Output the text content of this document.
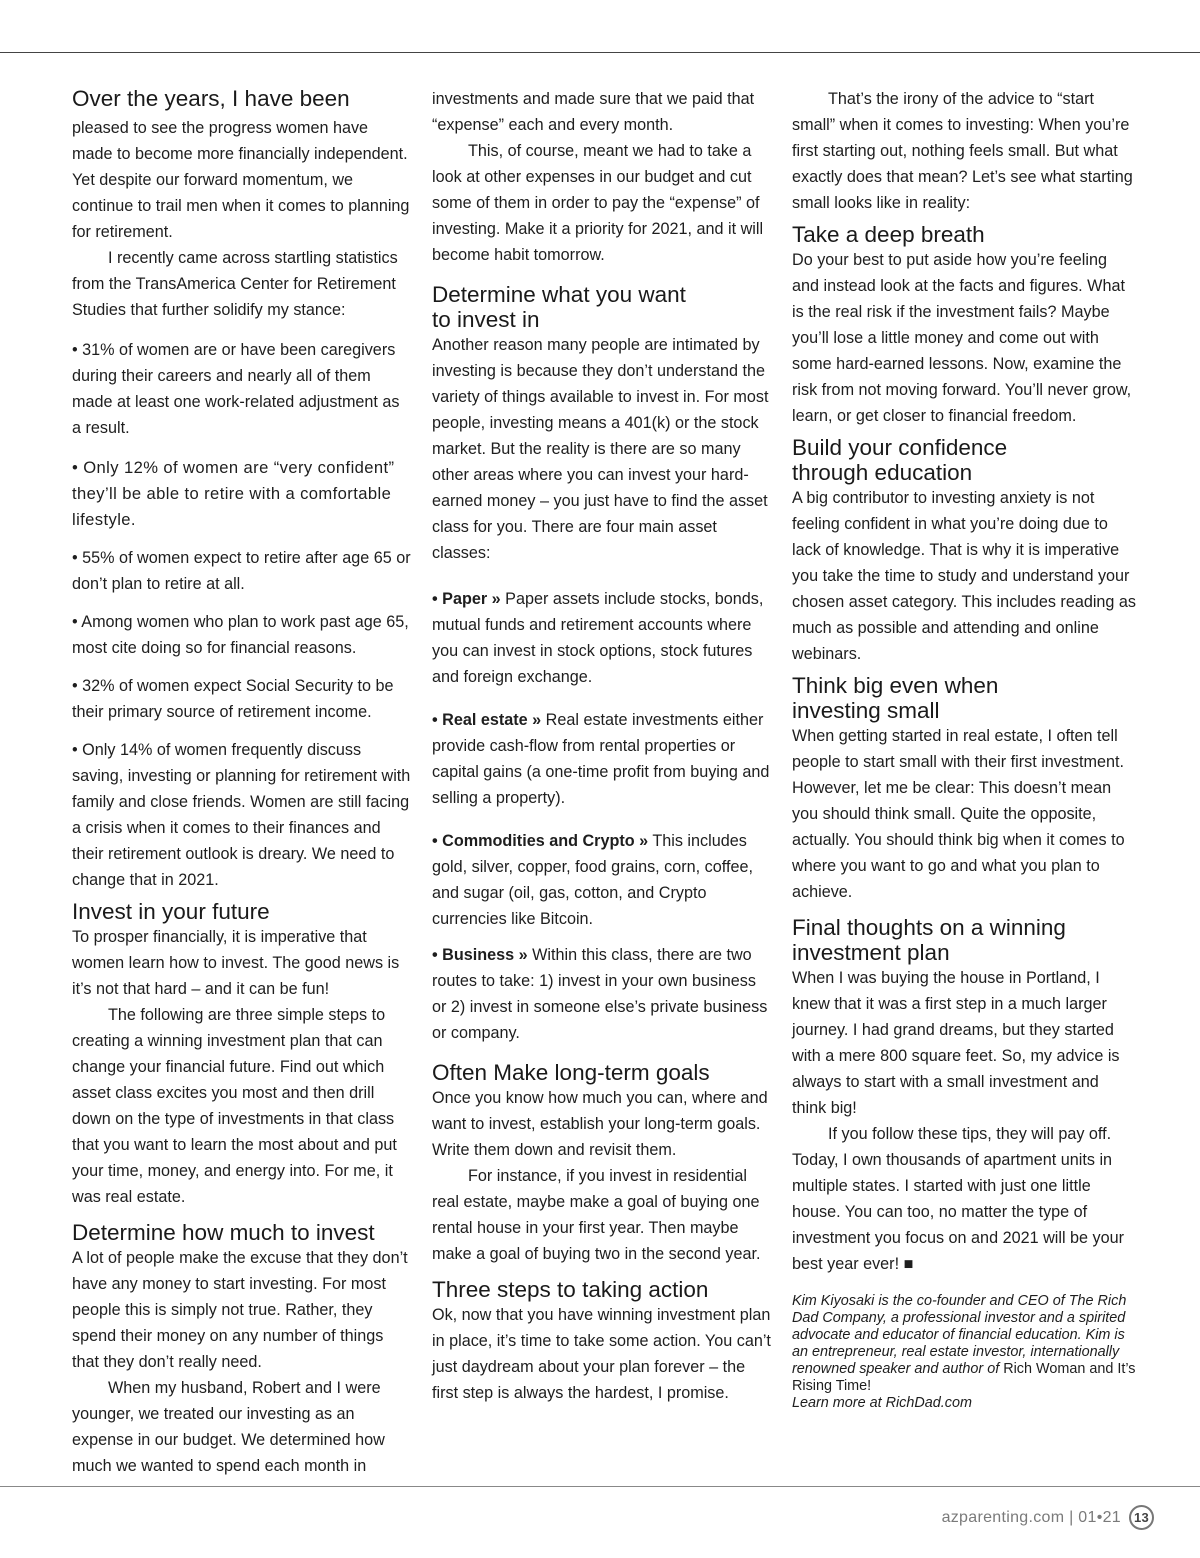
Over the years, I have been

pleased to see the progress women have made to become more financially independent. Yet despite our forward momentum, we continue to trail men when it comes to planning for retirement.

I recently came across startling statistics from the TransAmerica Center for Retirement Studies that further solidify my stance:

• 31% of women are or have been caregivers during their careers and nearly all of them made at least one work-related adjustment as a result.

• Only 12% of women are “very confident” they’ll be able to retire with a comfortable lifestyle.

• 55% of women expect to retire after age 65 or don’t plan to retire at all.

• Among women who plan to work past age 65, most cite doing so for financial reasons.

• 32% of women expect Social Security to be their primary source of retirement income.

• Only 14% of women frequently discuss saving, investing or planning for retirement with family and close friends. Women are still facing a crisis when it comes to their finances and their retirement outlook is dreary. We need to change that in 2021.

Invest in your future

To prosper financially, it is imperative that women learn how to invest. The good news is it’s not that hard – and it can be fun!

The following are three simple steps to creating a winning investment plan that can change your financial future. Find out which asset class excites you most and then drill down on the type of investments in that class that you want to learn the most about and put your time, money, and energy into. For me, it was real estate.

Determine how much to invest

A lot of people make the excuse that they don’t have any money to start investing. For most people this is simply not true. Rather, they spend their money on any number of things that they don’t really need.

When my husband, Robert and I were younger, we treated our investing as an expense in our budget. We determined how much we wanted to spend each month in

investments and made sure that we paid that “expense” each and every month.

This, of course, meant we had to take a look at other expenses in our budget and cut some of them in order to pay the “expense” of investing. Make it a priority for 2021, and it will become habit tomorrow.

Determine what you want to invest in

Another reason many people are intimated by investing is because they don’t understand the variety of things available to invest in. For most people, investing means a 401(k) or the stock market. But the reality is there are so many other areas where you can invest your hard-earned money – you just have to find the asset class for you. There are four main asset classes:

• Paper » Paper assets include stocks, bonds, mutual funds and retirement accounts where you can invest in stock options, stock futures and foreign exchange.

• Real estate » Real estate investments either provide cash-flow from rental properties or capital gains (a one-time profit from buying and selling a property).

• Commodities and Crypto » This includes gold, silver, copper, food grains, corn, coffee, and sugar (oil, gas, cotton, and Crypto currencies like Bitcoin.

• Business » Within this class, there are two routes to take: 1) invest in your own business or 2) invest in someone else’s private business or company.

Often Make long-term goals

Once you know how much you can, where and want to invest, establish your long-term goals. Write them down and revisit them.

For instance, if you invest in residential real estate, maybe make a goal of buying one rental house in your first year. Then maybe make a goal of buying two in the second year.

Three steps to taking action

Ok, now that you have winning investment plan in place, it’s time to take some action. You can’t just daydream about your plan forever – the first step is always the hardest, I promise.

That’s the irony of the advice to “start small” when it comes to investing: When you’re first starting out, nothing feels small. But what exactly does that mean? Let’s see what starting small looks like in reality:

Take a deep breath

Do your best to put aside how you’re feeling and instead look at the facts and figures. What is the real risk if the investment fails? Maybe you’ll lose a little money and come out with some hard-earned lessons. Now, examine the risk from not moving forward. You’ll never grow, learn, or get closer to financial freedom.

Build your confidence through education

A big contributor to investing anxiety is not feeling confident in what you’re doing due to lack of knowledge. That is why it is imperative you take the time to study and understand your chosen asset category. This includes reading as much as possible and attending and online webinars.

Think big even when investing small

When getting started in real estate, I often tell people to start small with their first investment. However, let me be clear: This doesn’t mean you should think small. Quite the opposite, actually. You should think big when it comes to where you want to go and what you plan to achieve.

Final thoughts on a winning investment plan

When I was buying the house in Portland, I knew that it was a first step in a much larger journey. I had grand dreams, but they started with a mere 800 square feet. So, my advice is always to start with a small investment and think big!

If you follow these tips, they will pay off. Today, I own thousands of apartment units in multiple states. I started with just one little house. You can too, no matter the type of investment you focus on and 2021 will be your best year ever! ■

Kim Kiyosaki is the co-founder and CEO of The Rich Dad Company, a professional investor and a spirited advocate and educator of financial education. Kim is an entrepreneur, real estate investor, internationally renowned speaker and author of Rich Woman and It’s Rising Time!
Learn more at RichDad.com

azparenting.com | 01•21 13
